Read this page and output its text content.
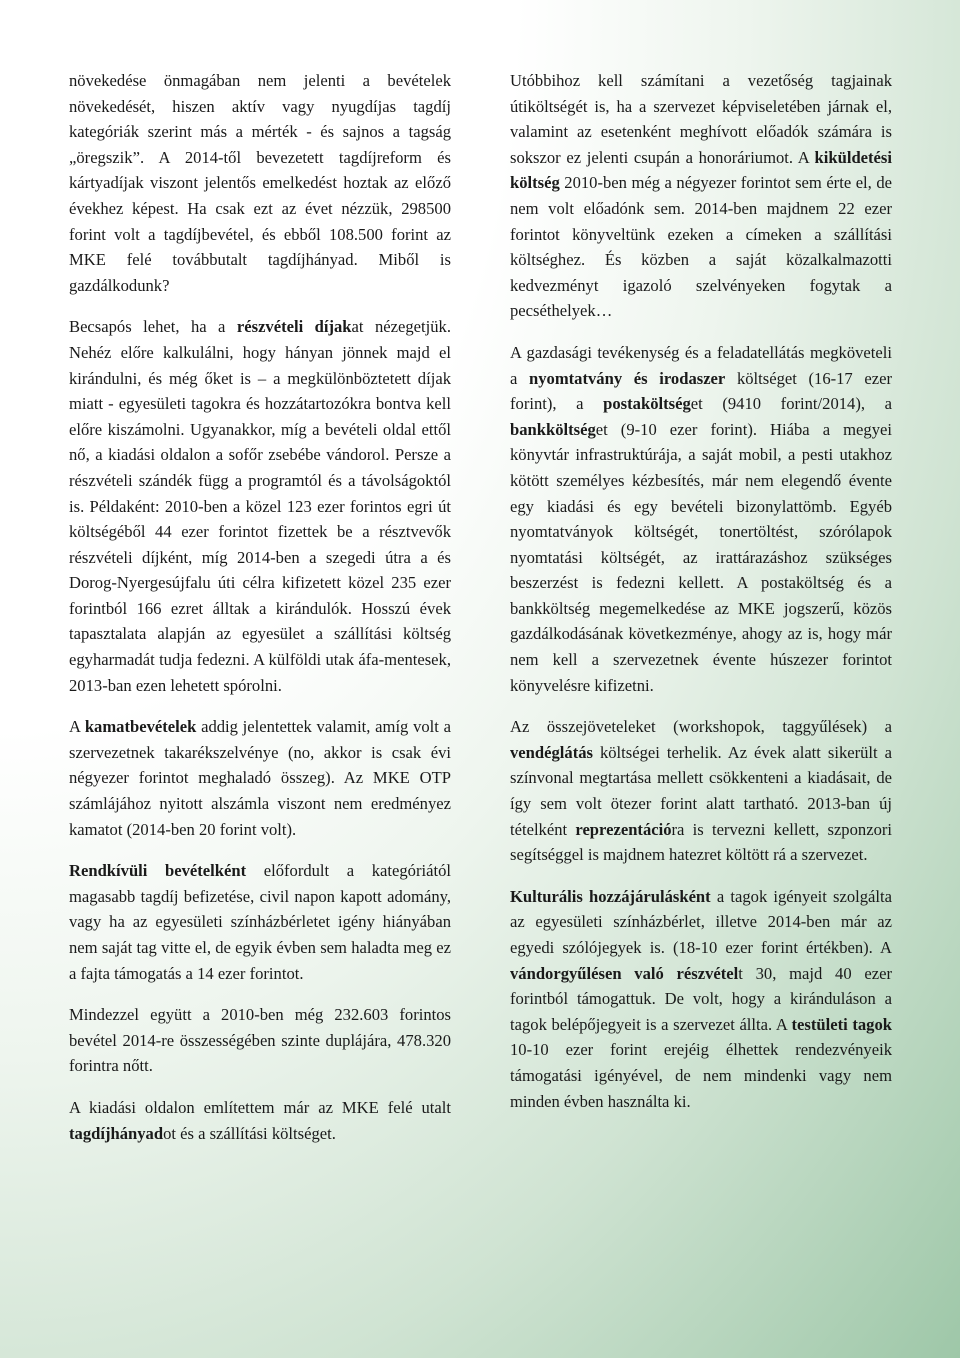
növekedése önmagában nem jelenti a bevételek növekedését, hiszen aktív vagy nyugdíjas tagdíj kategóriák szerint más a mérték - és sajnos a tagság „öregszik”. A 2014-től bevezetett tagdíjreform és kártyadíjak viszont jelentős emelkedést hoztak az előző évekhez képest. Ha csak ezt az évet nézzük, 298500 forint volt a tagdíjbevétel, és ebből 108.500 forint az MKE felé továbbutalt tagdíjhányad. Miből is gazdálkodunk?

Becsapós lehet, ha a részvételi díjakat nézegetjük. Nehéz előre kalkulálni, hogy hányan jönnek majd el kirándulni, és még őket is – a megkülönböztetett díjak miatt - egyesületi tagokra és hozzátartozókra bontva kell előre kiszámolni. Ugyanakkor, míg a bevételi oldal ettől nő, a kiadási oldalon a sofőr zsebébe vándorol. Persze a részvételi szándék függ a programtól és a távolságoktól is. Példaként: 2010-ben a közel 123 ezer forintos egri út költségéből 44 ezer forintot fizettek be a résztvevők részvételi díjként, míg 2014-ben a szegedi útra a és Dorog-Nyergesújfalu úti célra kifizetett közel 235 ezer forintból 166 ezret álltak a kirándulók. Hosszú évek tapasztalata alapján az egyesület a szállítási költség egyharmadát tudja fedezni. A külföldi utak áfa-mentesek, 2013-ban ezen lehetett spórolni.

A kamatbevételek addig jelentettek valamit, amíg volt a szervezetnek takarékszelvénye (no, akkor is csak évi négyezer forintot meghaladó összeg). Az MKE OTP számlájához nyitott alszámla viszont nem eredményez kamatot (2014-ben 20 forint volt).

Rendkívüli bevételként előfordult a kategóriától magasabb tagdíj befizetése, civil napon kapott adomány, vagy ha az egyesületi színházbérletet igény hiányában nem saját tag vitte el, de egyik évben sem haladta meg ez a fajta támogatás a 14 ezer forintot.

Mindezzel együtt a 2010-ben még 232.603 forintos bevétel 2014-re összességében szinte duplájára, 478.320 forintra nőtt.

A kiadási oldalon említettem már az MKE felé utalt tagdíjhányadot és a szállítási költséget.

Utóbbihoz kell számítani a vezetőség tagjainak útiköltségét is, ha a szervezet képviseletében járnak el, valamint az esetenként meghívott előadók számára is sokszor ez jelenti csupán a honoráriumot. A kiküldetési költség 2010-ben még a négyezer forintot sem érte el, de nem volt előadónk sem. 2014-ben majdnem 22 ezer forintot könyveltünk ezeken a címeken a szállítási költséghez. És közben a saját közalkalmazotti kedvezményt igazoló szelvényeken fogytak a pecséthelyek…

A gazdasági tevékenység és a feladatellátás megköveteli a nyomtatvány és irodaszer költséget (16-17 ezer forint), a postaköltséget (9410 forint/2014), a bankköltséget (9-10 ezer forint). Hiába a megyei könyvtár infrastruktúrája, a saját mobil, a pesti utakhoz kötött személyes kézbesítés, már nem elegendő évente egy kiadási és egy bevételi bizonylattömb. Egyéb nyomtatványok költségét, tonertöltést, szórólapok nyomtatási költségét, az irattárazáshoz szükséges beszerzést is fedezni kellett. A postaköltség és a bankköltség megemelkedése az MKE jogszerű, közös gazdálkodásának következménye, ahogy az is, hogy már nem kell a szervezetnek évente húszezer forintot könyvelésre kifizetni.

Az összejöveteleket (workshopok, taggyűlések) a vendéglátás költségei terhelik. Az évek alatt sikerült a színvonal megtartása mellett csökkenteni a kiadásait, de így sem volt ötezer forint alatt tartható. 2013-ban új tételként reprezentációra is tervezni kellett, szponzori segítséggel is majdnem hatezret költött rá a szervezet.

Kulturális hozzájárulásként a tagok igényeit szolgálta az egyesületi színházbérlet, illetve 2014-ben már az egyedi szólójegyek is. (18-10 ezer forint értékben). A vándorgyűlésen való részvételt 30, majd 40 ezer forintból támogattuk. De volt, hogy a kiránduláson a tagok belépőjegyeit is a szervezet állta. A testületi tagok 10-10 ezer forint erejéig élhettek rendezvényeik támogatási igényével, de nem mindenki vagy nem minden évben használta ki.
